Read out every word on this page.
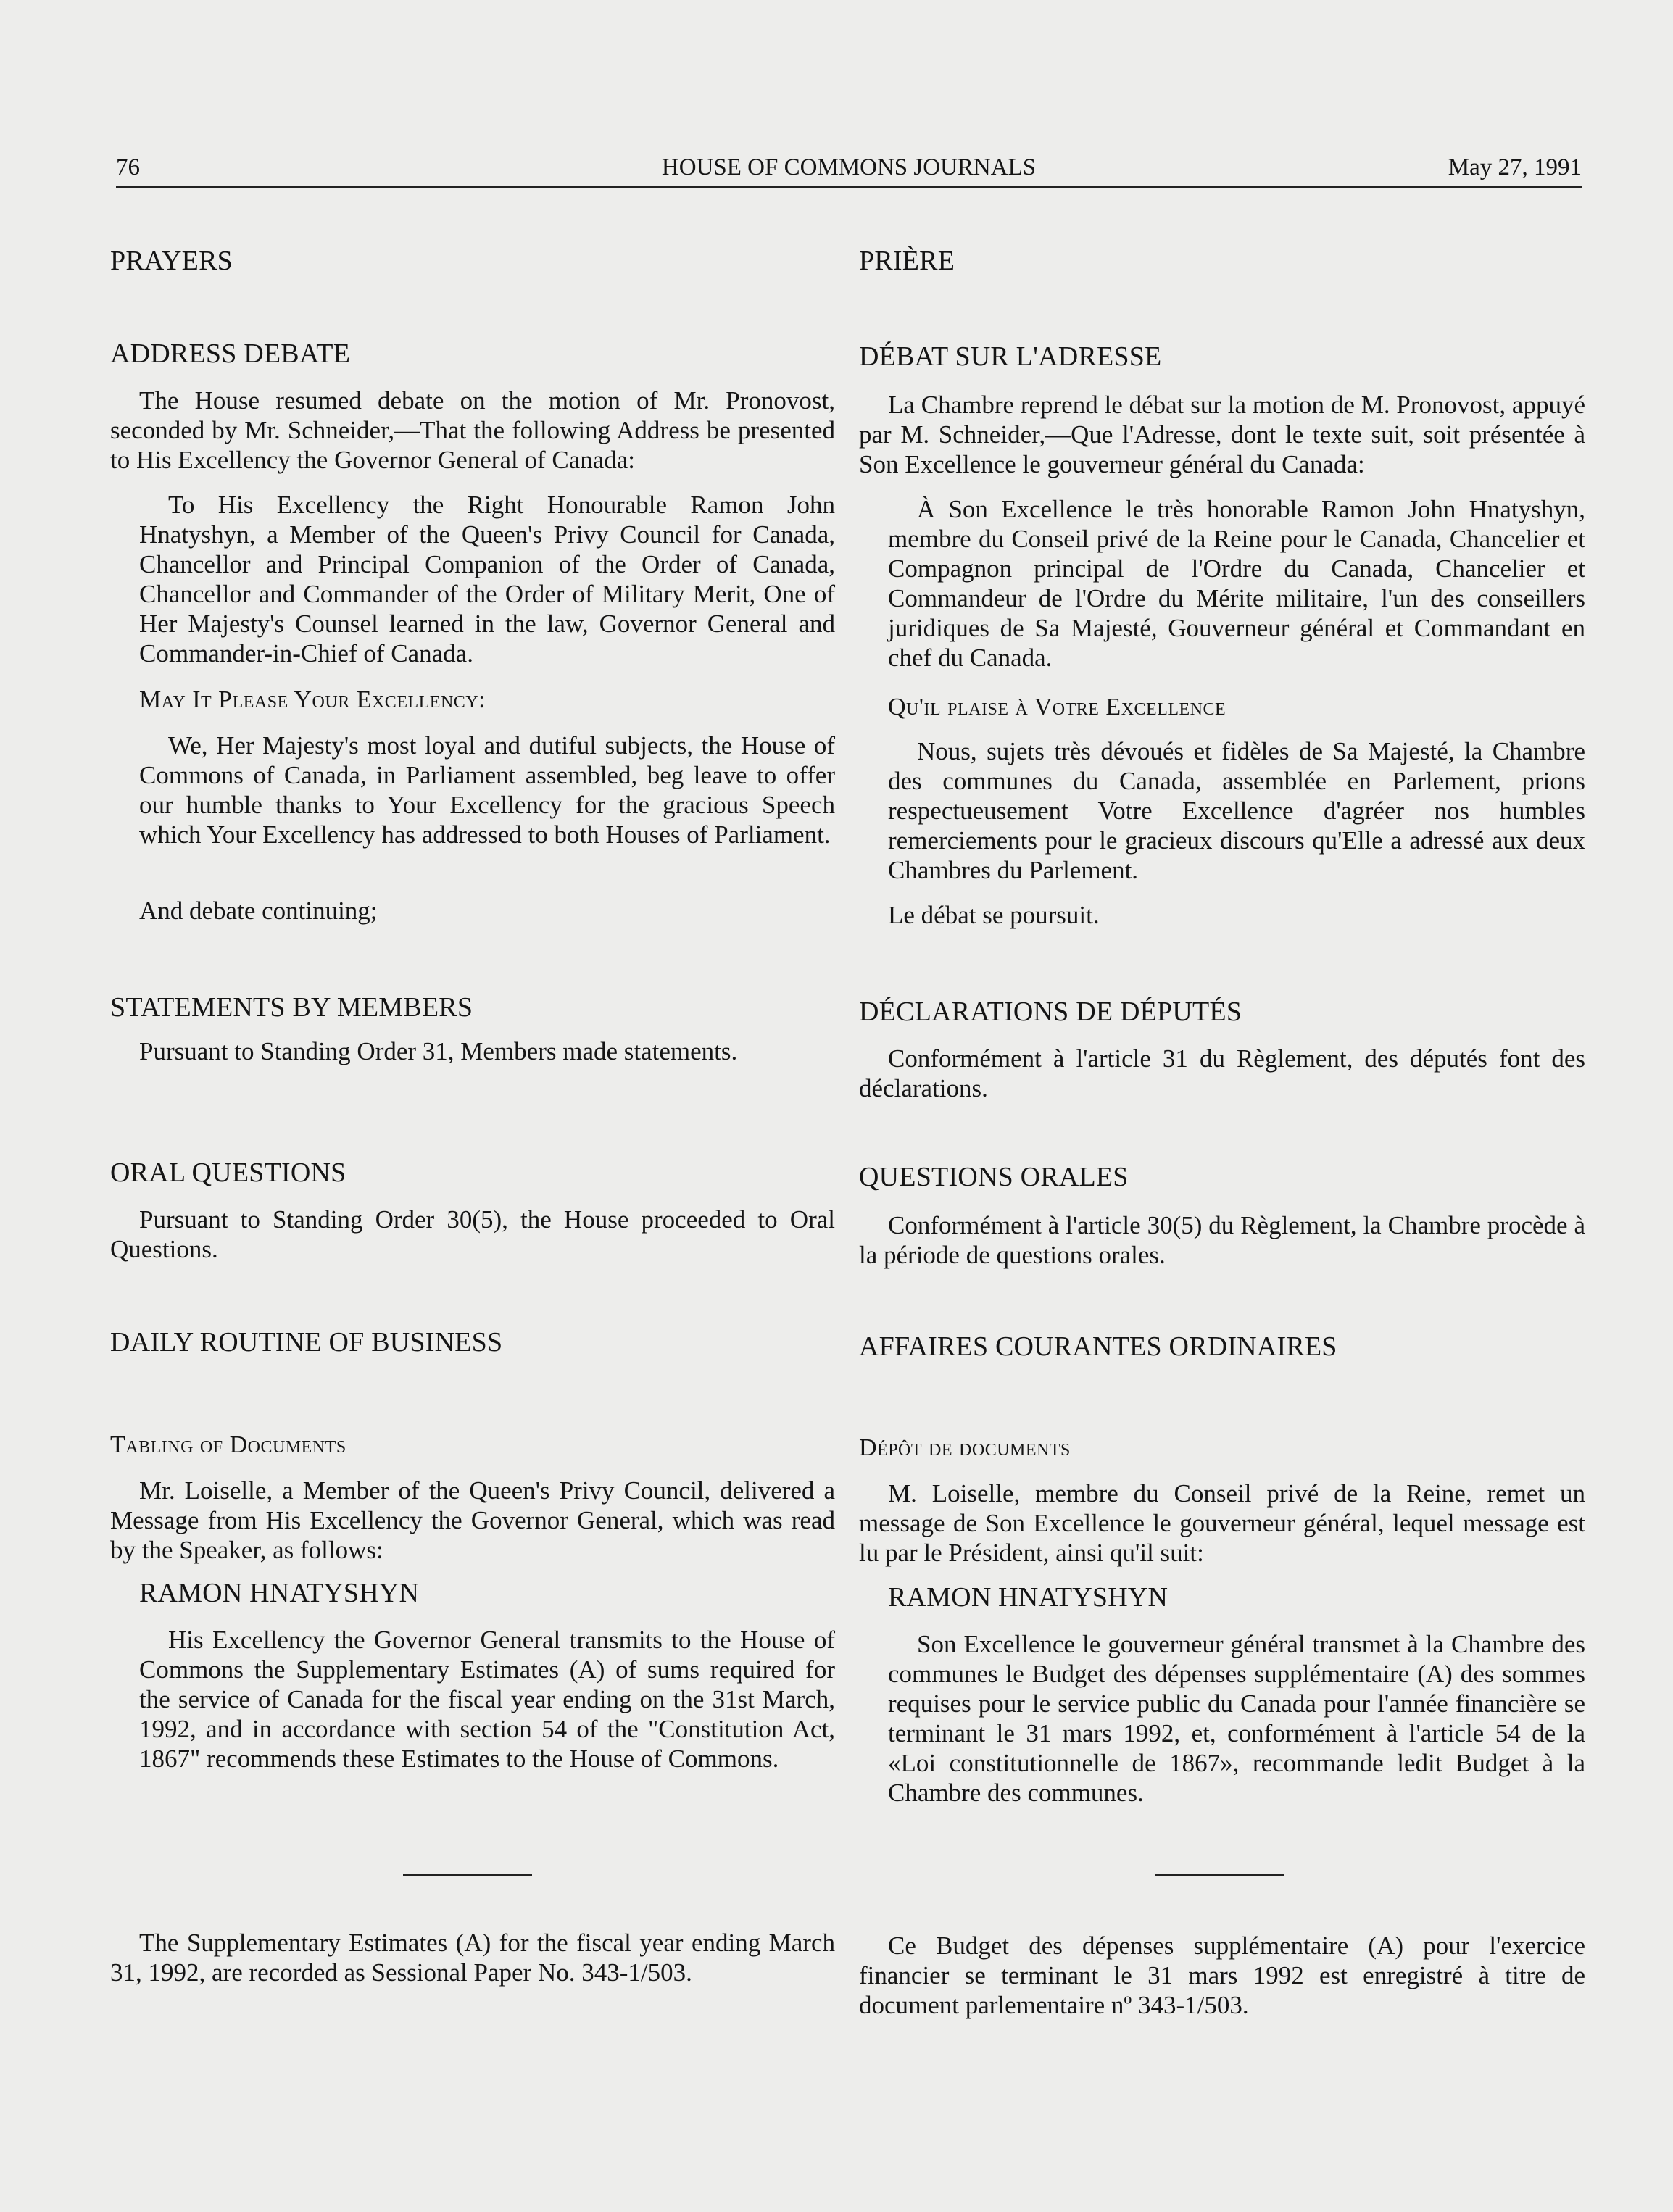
76	HOUSE OF COMMONS JOURNALS	May 27, 1991
PRAYERS
ADDRESS DEBATE
The House resumed debate on the motion of Mr. Pronovost, seconded by Mr. Schneider,—That the following Address be presented to His Excellency the Governor General of Canada:
To His Excellency the Right Honourable Ramon John Hnatyshyn, a Member of the Queen's Privy Council for Canada, Chancellor and Principal Companion of the Order of Canada, Chancellor and Commander of the Order of Military Merit, One of Her Majesty's Counsel learned in the law, Governor General and Commander-in-Chief of Canada.
May It Please Your Excellency:
We, Her Majesty's most loyal and dutiful subjects, the House of Commons of Canada, in Parliament assembled, beg leave to offer our humble thanks to Your Excellency for the gracious Speech which Your Excellency has addressed to both Houses of Parliament.
And debate continuing;
STATEMENTS BY MEMBERS
Pursuant to Standing Order 31, Members made statements.
ORAL QUESTIONS
Pursuant to Standing Order 30(5), the House proceeded to Oral Questions.
DAILY ROUTINE OF BUSINESS
Tabling of Documents
Mr. Loiselle, a Member of the Queen's Privy Council, delivered a Message from His Excellency the Governor General, which was read by the Speaker, as follows:
RAMON HNATYSHYN
His Excellency the Governor General transmits to the House of Commons the Supplementary Estimates (A) of sums required for the service of Canada for the fiscal year ending on the 31st March, 1992, and in accordance with section 54 of the "Constitution Act, 1867" recommends these Estimates to the House of Commons.
The Supplementary Estimates (A) for the fiscal year ending March 31, 1992, are recorded as Sessional Paper No. 343-1/503.
PRIÈRE
DÉBAT SUR L'ADRESSE
La Chambre reprend le débat sur la motion de M. Pronovost, appuyé par M. Schneider,—Que l'Adresse, dont le texte suit, soit présentée à Son Excellence le gouverneur général du Canada:
À Son Excellence le très honorable Ramon John Hnatyshyn, membre du Conseil privé de la Reine pour le Canada, Chancelier et Compagnon principal de l'Ordre du Canada, Chancelier et Commandeur de l'Ordre du Mérite militaire, l'un des conseillers juridiques de Sa Majesté, Gouverneur général et Commandant en chef du Canada.
Qu'il plaise à Votre Excellence
Nous, sujets très dévoués et fidèles de Sa Majesté, la Chambre des communes du Canada, assemblée en Parlement, prions respectueusement Votre Excellence d'agréer nos humbles remerciements pour le gracieux discours qu'Elle a adressé aux deux Chambres du Parlement.
Le débat se poursuit.
DÉCLARATIONS DE DÉPUTÉS
Conformément à l'article 31 du Règlement, des députés font des déclarations.
QUESTIONS ORALES
Conformément à l'article 30(5) du Règlement, la Chambre procède à la période de questions orales.
AFFAIRES COURANTES ORDINAIRES
Dépôt de documents
M. Loiselle, membre du Conseil privé de la Reine, remet un message de Son Excellence le gouverneur général, lequel message est lu par le Président, ainsi qu'il suit:
RAMON HNATYSHYN
Son Excellence le gouverneur général transmet à la Chambre des communes le Budget des dépenses supplémentaire (A) des sommes requises pour le service public du Canada pour l'année financière se terminant le 31 mars 1992, et, conformément à l'article 54 de la «Loi constitutionnelle de 1867», recommande ledit Budget à la Chambre des communes.
Ce Budget des dépenses supplémentaire (A) pour l'exercice financier se terminant le 31 mars 1992 est enregistré à titre de document parlementaire nº 343-1/503.
